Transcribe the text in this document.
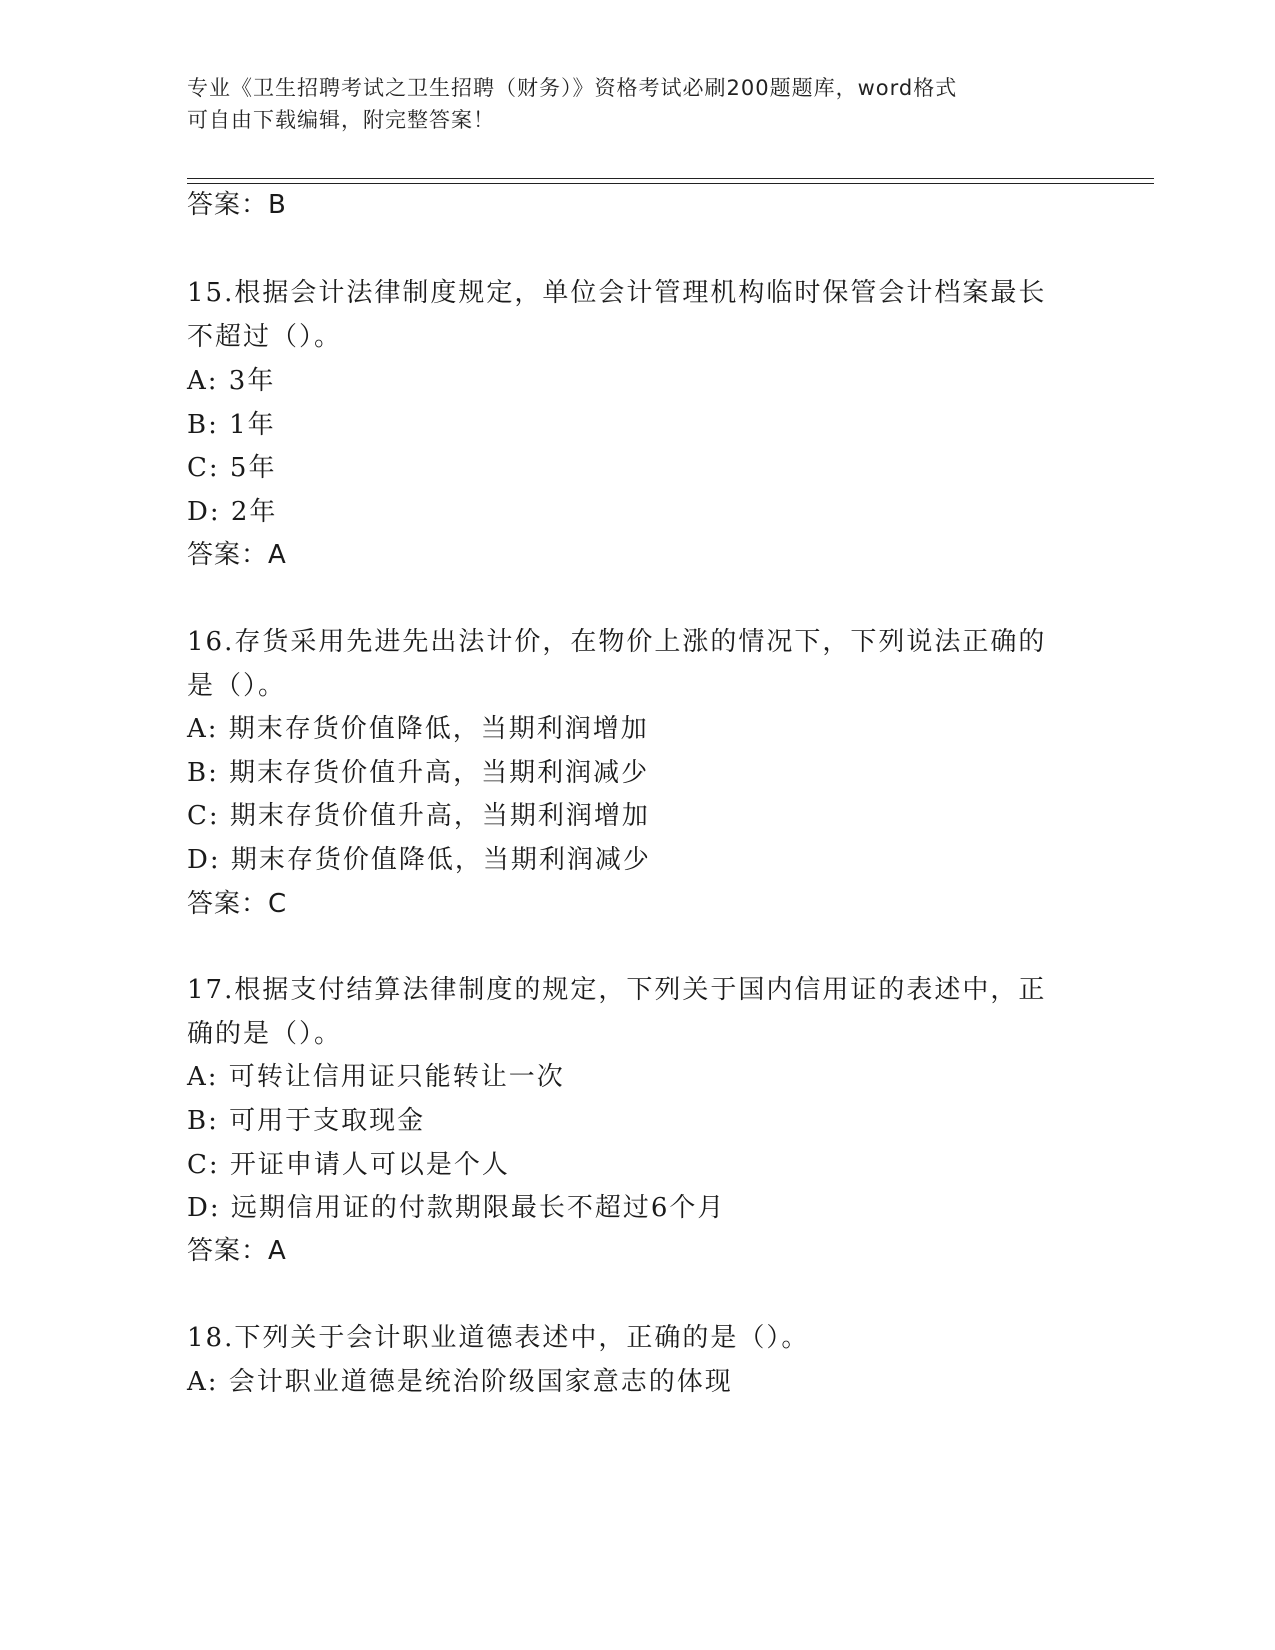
专业《卫生招聘考试之卫生招聘（财务）》资格考试必刷200题题库，word格式
可自由下载编辑，附完整答案！
答案：B
15.根据会计法律制度规定，单位会计管理机构临时保管会计档案最长
不超过（）。
A: 3年
B: 1年
C: 5年
D: 2年
答案：A
16.存货采用先进先出法计价，在物价上涨的情况下，下列说法正确的
是（）。
A: 期末存货价值降低，当期利润增加
B: 期末存货价值升高，当期利润减少
C: 期末存货价值升高，当期利润增加
D: 期末存货价值降低，当期利润减少
答案：C
17.根据支付结算法律制度的规定，下列关于国内信用证的表述中，正
确的是（）。
A: 可转让信用证只能转让一次
B: 可用于支取现金
C: 开证申请人可以是个人
D: 远期信用证的付款期限最长不超过6个月
答案：A
18.下列关于会计职业道德表述中，正确的是（）。
A: 会计职业道德是统治阶级国家意志的体现
